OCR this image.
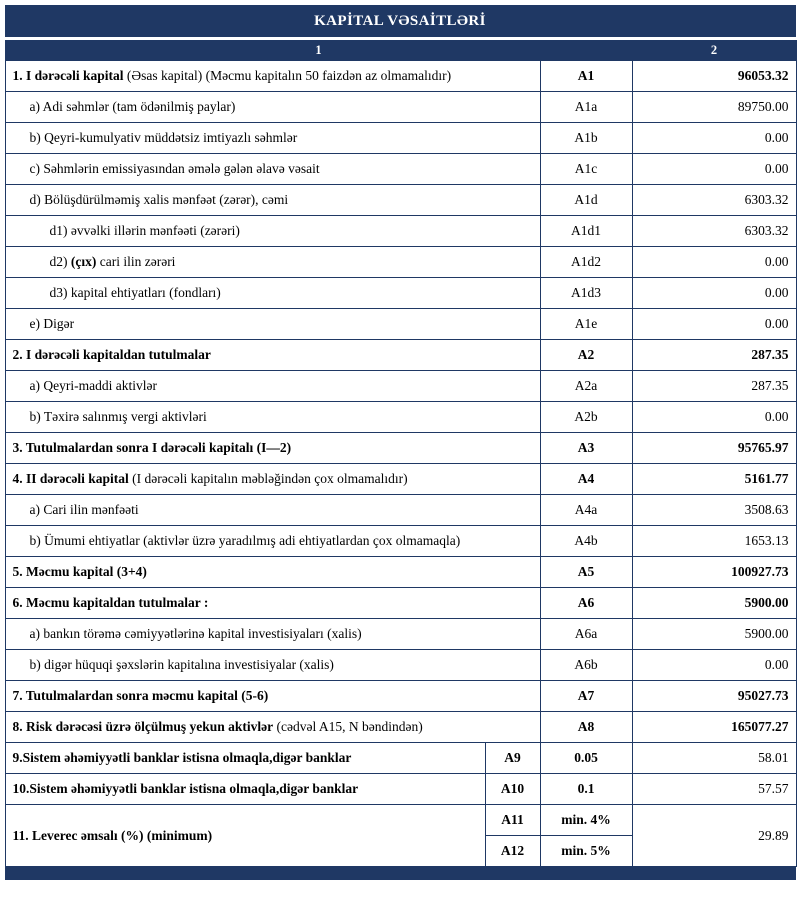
KAPİTAL VƏSAİTLƏRİ
1			2
1. I dərəcəli kapital (Əsas kapital) (Məcmu kapitalın 50 faizdən az olmamalıdır)		A1	96053.32
a) Adi səhmlər (tam ödənilmiş paylar)		A1a	89750.00
b) Qeyri-kumulyativ müddətsiz imtiyazlı səhmlər		A1b	0.00
c) Səhmlərin emissiyasından əmələ gələn əlavə vəsait		A1c	0.00
d) Bölüşdürülməmiş xalis mənfəət (zərər), cəmi		A1d	6303.32
d1) əvvəlki illərin mənfəəti (zərəri)		A1d1	6303.32
d2) (çıx) cari ilin zərəri		A1d2	0.00
d3) kapital ehtiyatları (fondları)		A1d3	0.00
e) Digər		A1e	0.00
2. I dərəcəli kapitaldan tutulmalar		A2	287.35
a) Qeyri-maddi aktivlər		A2a	287.35
b) Təxirə salınmış vergi aktivləri		A2b	0.00
3. Tutulmalardan sonra I dərəcəli kapitalı (I—2)		A3	95765.97
4. II dərəcəli kapital (I dərəcəli kapitalın məbləğindən çox olmamalıdır)		A4	5161.77
a) Cari ilin mənfəəti		A4a	3508.63
b) Ümumi ehtiyatlar (aktivlər üzrə yaradılmış adi ehtiyatlardan çox olmamaqla)		A4b	1653.13
5. Məcmu kapital (3+4)		A5	100927.73
6. Məcmu kapitaldan tutulmalar :		A6	5900.00
a) bankın törəmə cəmiyyətlərinə kapital investisiyaları (xalis)		A6a	5900.00
b) digər hüquqi şəxslərin kapitalına investisiyalar (xalis)		A6b	0.00
7. Tutulmalardan sonra məcmu kapital (5-6)		A7	95027.73
8. Risk dərəcəsi üzrə ölçülmuş yekun aktivlər (cədvəl A15, N bəndindən)		A8	165077.27
9.Sistem əhəmiyyətli banklar istisna olmaqla,digər banklar	A9	0.05	58.01
10.Sistem əhəmiyyətli banklar istisna olmaqla,digər banklar	A10	0.1	57.57
11. Leverec əmsalı (%) (minimum)	A11	min. 4%	29.89
	A12	min. 5%	
